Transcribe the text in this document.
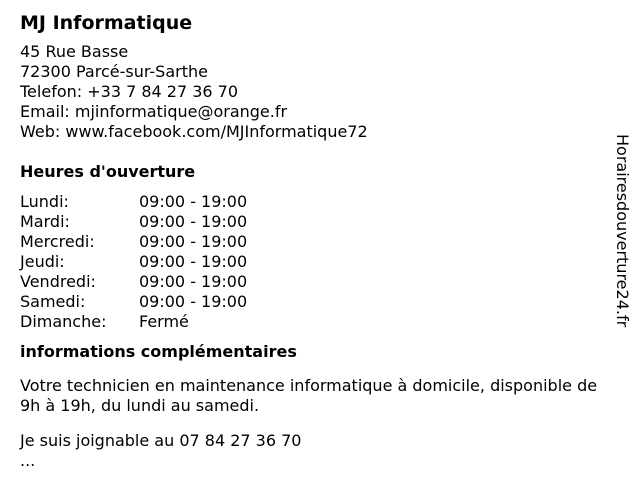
MJ Informatique
45 Rue Basse
72300 Parcé-sur-Sarthe
Telefon: +33 7 84 27 36 70
Email: mjinformatique@orange.fr
Web: www.facebook.com/MJInformatique72
Heures d'ouverture
Lundi:	09:00 - 19:00
Mardi:	09:00 - 19:00
Mercredi:	09:00 - 19:00
Jeudi:	09:00 - 19:00
Vendredi:	09:00 - 19:00
Samedi:	09:00 - 19:00
Dimanche: Fermé
informations complémentaires

Votre technicien en maintenance informatique à domicile, disponible de 9h à 19h, du lundi au samedi.

Je suis joignable au 07 84 27 36 70
...
Horairesdouverture24.fr
